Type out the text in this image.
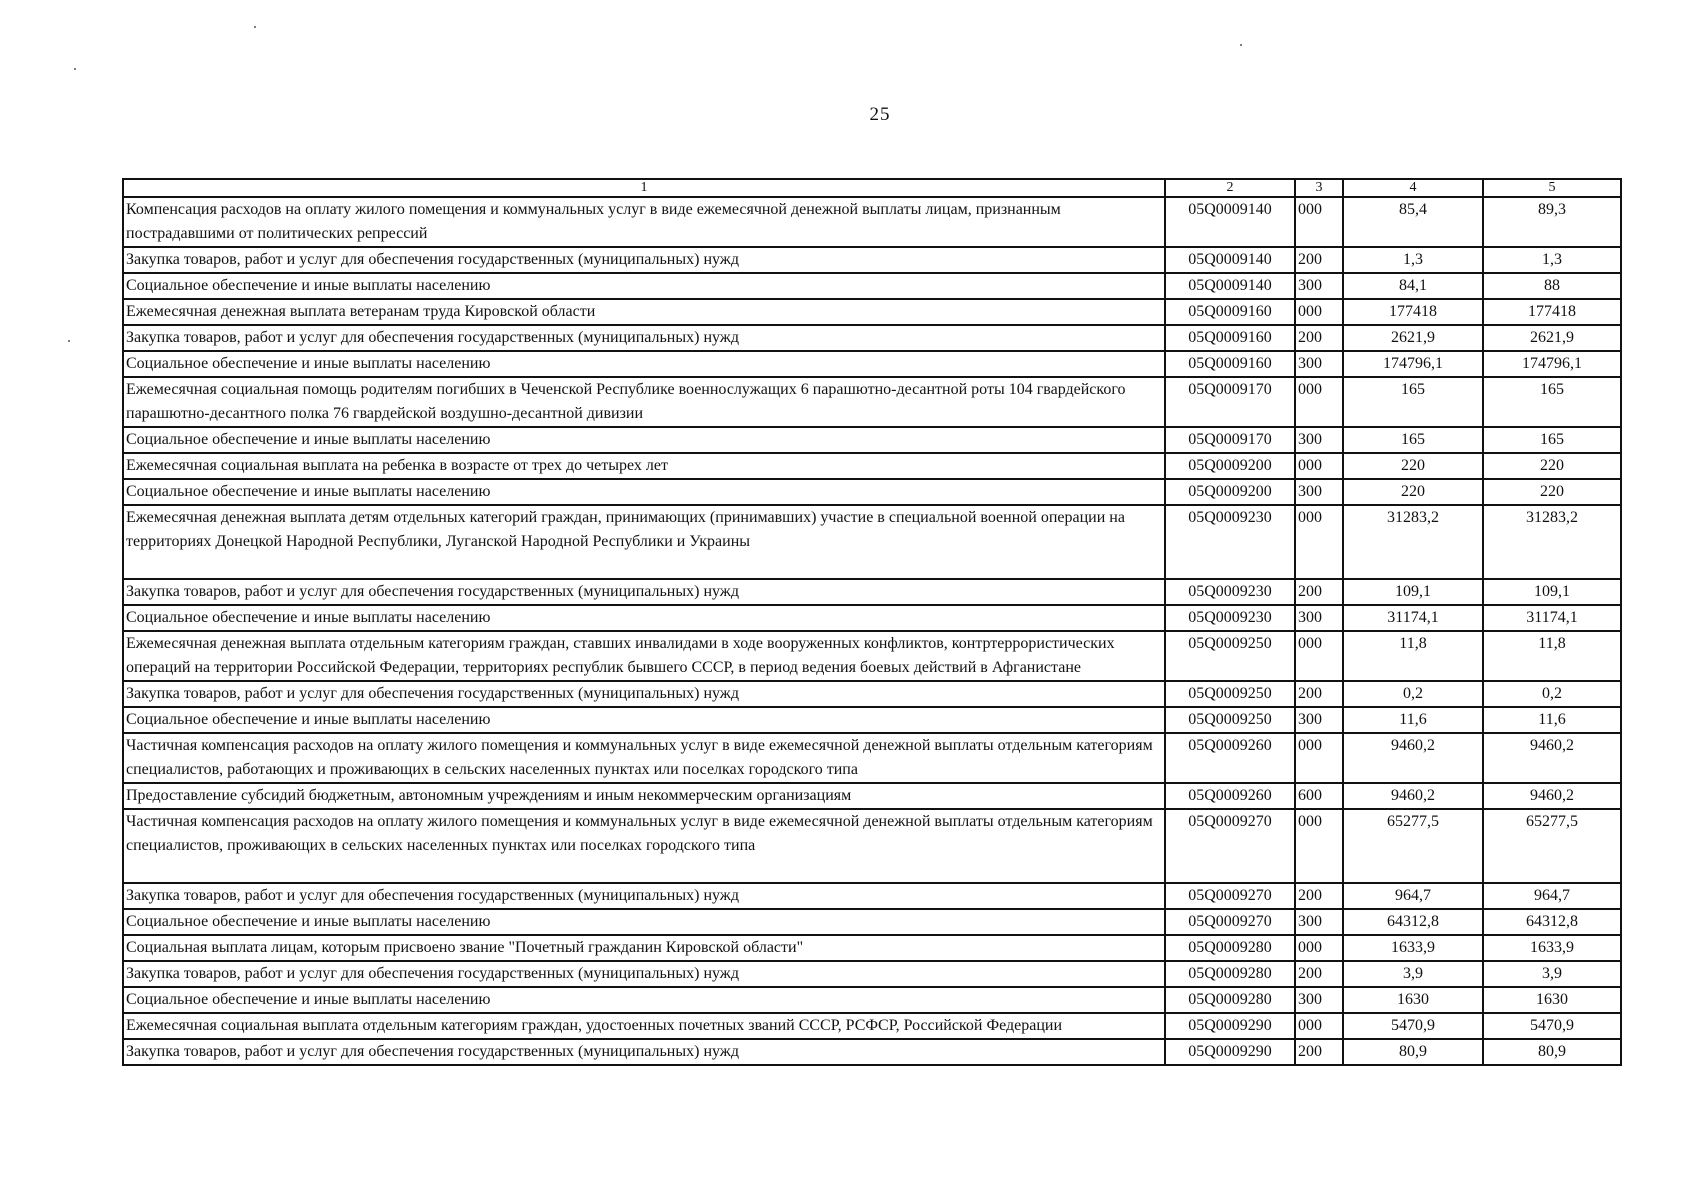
25
1	2	3	4	5
Компенсация расходов на оплату жилого помещения и коммунальных услуг в виде ежемесячной денежной выплаты лицам, признанным пострадавшими от политических репрессий	05Q0009140	000	85,4	89,3
Закупка товаров, работ и услуг для обеспечения государственных (муниципальных) нужд	05Q0009140	200	1,3	1,3
Социальное обеспечение и иные выплаты населению	05Q0009140	300	84,1	88
Ежемесячная денежная выплата ветеранам труда Кировской области	05Q0009160	000	177418	177418
Закупка товаров, работ и услуг для обеспечения государственных (муниципальных) нужд	05Q0009160	200	2621,9	2621,9
Социальное обеспечение и иные выплаты населению	05Q0009160	300	174796,1	174796,1
Ежемесячная социальная помощь родителям погибших в Чеченской Республике военнослужащих 6 парашютно-десантной роты 104 гвардейского парашютно-десантного полка 76 гвардейской воздушно-десантной дивизии	05Q0009170	000	165	165
Социальное обеспечение и иные выплаты населению	05Q0009170	300	165	165
Ежемесячная социальная выплата на ребенка в возрасте от трех до четырех лет	05Q0009200	000	220	220
Социальное обеспечение и иные выплаты населению	05Q0009200	300	220	220
Ежемесячная денежная выплата детям отдельных категорий граждан, принимающих (принимавших) участие в специальной военной операции на территориях Донецкой Народной Республики, Луганской Народной Республики и Украины	05Q0009230	000	31283,2	31283,2
Закупка товаров, работ и услуг для обеспечения государственных (муниципальных) нужд	05Q0009230	200	109,1	109,1
Социальное обеспечение и иные выплаты населению	05Q0009230	300	31174,1	31174,1
Ежемесячная денежная выплата отдельным категориям граждан, ставших инвалидами в ходе вооруженных конфликтов, контртеррористических операций на территории Российской Федерации, территориях республик бывшего СССР, в период ведения боевых действий в Афганистане	05Q0009250	000	11,8	11,8
Закупка товаров, работ и услуг для обеспечения государственных (муниципальных) нужд	05Q0009250	200	0,2	0,2
Социальное обеспечение и иные выплаты населению	05Q0009250	300	11,6	11,6
Частичная компенсация расходов на оплату жилого помещения и коммунальных услуг в виде ежемесячной денежной выплаты отдельным категориям специалистов, работающих и проживающих в сельских населенных пунктах или поселках городского типа	05Q0009260	000	9460,2	9460,2
Предоставление субсидий бюджетным, автономным учреждениям и иным некоммерческим организациям	05Q0009260	600	9460,2	9460,2
Частичная компенсация расходов на оплату жилого помещения и коммунальных услуг в виде ежемесячной денежной выплаты отдельным категориям специалистов, проживающих в сельских населенных пунктах или поселках городского типа	05Q0009270	000	65277,5	65277,5
Закупка товаров, работ и услуг для обеспечения государственных (муниципальных) нужд	05Q0009270	200	964,7	964,7
Социальное обеспечение и иные выплаты населению	05Q0009270	300	64312,8	64312,8
Социальная выплата лицам, которым присвоено звание "Почетный гражданин Кировской области"	05Q0009280	000	1633,9	1633,9
Закупка товаров, работ и услуг для обеспечения государственных (муниципальных) нужд	05Q0009280	200	3,9	3,9
Социальное обеспечение и иные выплаты населению	05Q0009280	300	1630	1630
Ежемесячная социальная выплата отдельным категориям граждан, удостоенных почетных званий СССР, РСФСР, Российской Федерации	05Q0009290	000	5470,9	5470,9
Закупка товаров, работ и услуг для обеспечения государственных (муниципальных) нужд	05Q0009290	200	80,9	80,9
